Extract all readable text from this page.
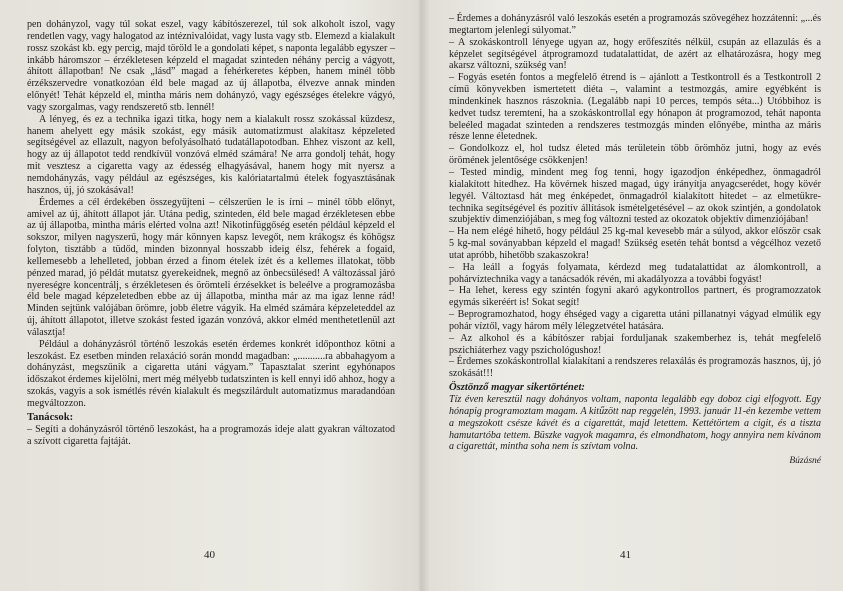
pen dohányzol, vagy túl sokat eszel, vagy kábítószerezel, túl sok alkoholt iszol, vagy rendetlen vagy, vagy halogatod az intéznivalóidat, vagy lusta vagy stb. Elemezd a kialakult rossz szokást kb. egy percig, majd töröld le a gondolati képet, s naponta legalább egyszer – inkább háromszor – érzékletesen képzeld el magadat szinteden néhány percig a vágyott, áhított állapotban! Ne csak „lásd” magad a fehérkeretes képben, hanem minél több érzékszervedre vonatkozóan éld bele magad az új állapotba, élvezve annak minden előnyét! Tehát képzeld el, mintha máris nem dohányzó, vagy egészséges ételekre vágyó, vagy szorgalmas, vagy rendszerető stb. lennél!

A lényeg, és ez a technika igazi titka, hogy nem a kialakult rossz szokással küzdesz, hanem ahelyett egy másik szokást, egy másik automatizmust alakítasz képzeleted segítségével az ellazult, nagyon befolyásolható tudatállapotodban. Ehhez viszont az kell, hogy az új állapotot tedd rendkívül vonzóvá elméd számára! Ne arra gondolj tehát, hogy mit vesztesz a cigaretta vagy az édesség elhagyásával, hanem hogy mit nyersz a nemdohányzás, vagy például az egészséges, kis kalóriatartalmú ételek fogyasztásának hasznos, új, jó szokásával!

Érdemes a cél érdekében összegyűjteni – célszerűen le is írni – minél több előnyt, amivel az új, áhított állapot jár. Utána pedig, szinteden, éld bele magad érzékletesen ebbe az új állapotba, mintha máris elérted volna azt! Nikotinfüggőség esetén például képzeld el sokszor, milyen nagyszerű, hogy már könnyen kapsz levegőt, nem krákogsz és köhögsz folyton, tisztább a tüdőd, minden bizonnyal hosszabb ideig élsz, fehérek a fogaid, kellemesebb a lehelleted, jobban érzed a finom ételek ízét és a kellemes illatokat, több pénzed marad, jó példát mutatsz gyerekeidnek, megnő az önbecsülésed! A változással járó nyereségre koncentrálj, s érzékletesen és örömteli érzésekket is beleélve a programozásba éld bele magad képzeletedben ebbe az új állapotba, mintha már az ma igaz lenne rád! Minden sejtünk valójában örömre, jobb életre vágyik. Ha elméd számára képzeleteddel az új, áhított állapotot, illetve szokást fested igazán vonzóvá, akkor elméd menthetetlenül azt választja!

Például a dohányzásról történő leszokás esetén érdemes konkrét időponthoz kötni a leszokást. Ez esetben minden relaxáció során mondd magadban: „...........ra abbahagyom a dohányzást, megszűnik a cigaretta utáni vágyam.” Tapasztalat szerint egyhónapos időszakot érdemes kijelölni, mert még mélyebb tudatszinten is kell ennyi idő ahhoz, hogy a szokás, vagyis a sok ismétlés révén kialakult és megszilárdult automatizmus maradandóan megváltozzon.

Tanácsok:

– Segíti a dohányzásról történő leszokást, ha a programozás ideje alatt gyakran változatod a szívott cigaretta fajtáját.

40

– Érdemes a dohányzásról való leszokás esetén a programozás szövegéhez hozzátenni: „...és megtartom jelenlegi súlyomat.”

– A szokáskontroll lényege ugyan az, hogy erőfeszítés nélkül, csupán az ellazulás és a képzelet segítségével átprogramozd tudatalattidat, de azért az elhatározásra, hogy meg akarsz változni, szükség van!

– Fogyás esetén fontos a megfelelő étrend is – ajánlott a Testkontroll és a Testkontroll 2 című könyvekben ismertetett diéta –, valamint a testmozgás, amire egyébként is mindenkinek hasznos rászoknia. (Legalább napi 10 perces, tempós séta...) Utóbbihoz is kedvet tudsz teremteni, ha a szokáskontrollal egy hónapon át programozod, tehát naponta beleéled magadat szinteden a rendszeres testmozgás minden előnyébe, mintha az máris része lenne életednek.

– Gondolkozz el, hol tudsz életed más területein több örömhöz jutni, hogy az evés örömének jelentősége csökkenjen!

– Tested mindig, mindent meg fog tenni, hogy igazodjon énképedhez, önmagadról kialakított hitedhez. Ha kövérnek hiszed magad, úgy irányítja anyagcserédet, hogy kövér legyél. Változtasd hát meg énképedet, önmagadról kialakított hitedet – az elmetükre-technika segítségével és pozitív állítások ismételgetésével – az okok szintjén, a gondolatok szubjektív dimenziójában, s meg fog változni tested az okozatok objektív dimenziójában!

– Ha nem elégé hihető, hogy például 25 kg-mal kevesebb már a súlyod, akkor először csak 5 kg-mal soványabban képzeld el magad! Szükség esetén tehát bontsd a végcélhoz vezető utat apróbb, hihetőbb szakaszokra!

– Ha leáll a fogyás folyamata, kérdezd meg tudatalattidat az álomkontroll, a pohárvíztechnika vagy a tanácsadók révén, mi akadályozza a további fogyást!

– Ha lehet, keress egy szintén fogyni akaró agykontrollos partnert, és programozzatok egymás sikeréért is! Sokat segít!

– Beprogramozhatod, hogy éhséged vagy a cigaretta utáni pillanatnyi vágyad elmúlik egy pohár víztől, vagy három mély lélegzetvétel hatására.

– Az alkohol és a kábítószer rabjai forduljanak szakemberhez is, tehát megfelelő pszichiáterhez vagy pszichológushoz!

– Érdemes szokáskontrollal kialakítani a rendszeres relaxálás és programozás hasznos, új, jó szokását!!!

Ösztönző magyar sikertörténet:

Tíz éven keresztül nagy dohányos voltam, naponta legalább egy doboz cigi elfogyott. Egy hónapig programoztam magam. A kitűzött nap reggelén, 1993. január 11-én kezembe vettem a megszokott csésze kávét és a cigarettát, majd letettem. Kettétörtem a cigit, és a tiszta hamutartóba tettem. Büszke vagyok magamra, és elmondhatom, hogy annyira nem kívánom a cigarettát, mintha soha nem is szívtam volna.

Búzásné
41
